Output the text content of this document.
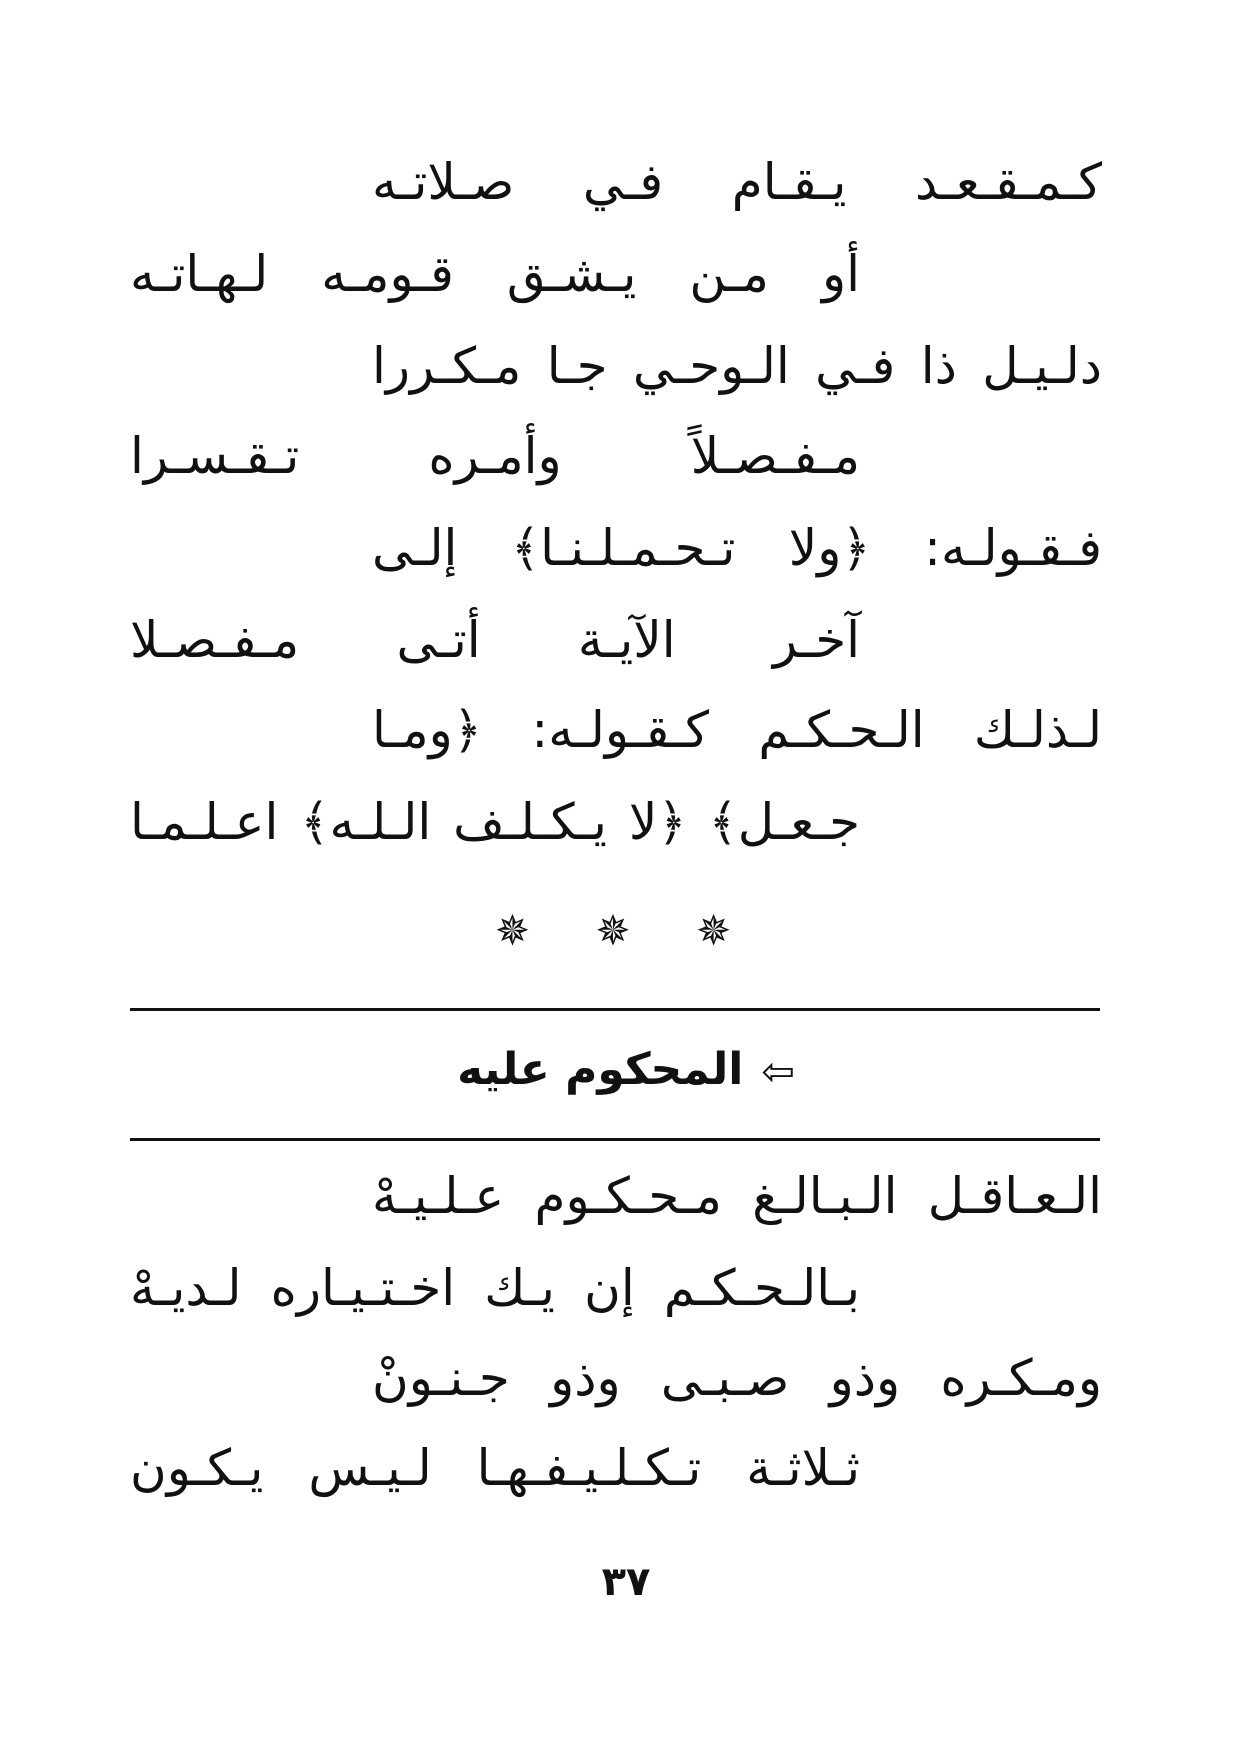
كـمـقـعـد يـقـام فـي صـلاتـه
أو مـن يـشـق قـومـه لـهـاتـه
دلـيـل ذا فـي الـوحـي جـا مـكـررا
مـفـصـلاً وأمـره تـقـسـرا
فـقـولـه: ﴿ولا تـحـمـلـنـا﴾ إلـى
آخـر الآيـة أتـى مـفـصـلا
لـذلـك الـحـكـم كـقـولـه: ﴿ومـا
جـعـل﴾ ﴿لا يـكـلـف الـلـه﴾ اعـلـمـا
✵ ✵ ✵
⇦المحكوم عليه
الـعـاقـل الـبـالـغ مـحـكـوم عـلـيـهْ
بـالـحـكـم إن يـك اخـتـيـاره لـديـهْ
ومـكـره وذو صـبـى وذو جـنـونْ
ثـلاثـة تـكـلـيـفـهـا لـيـس يـكـون
٣٧
